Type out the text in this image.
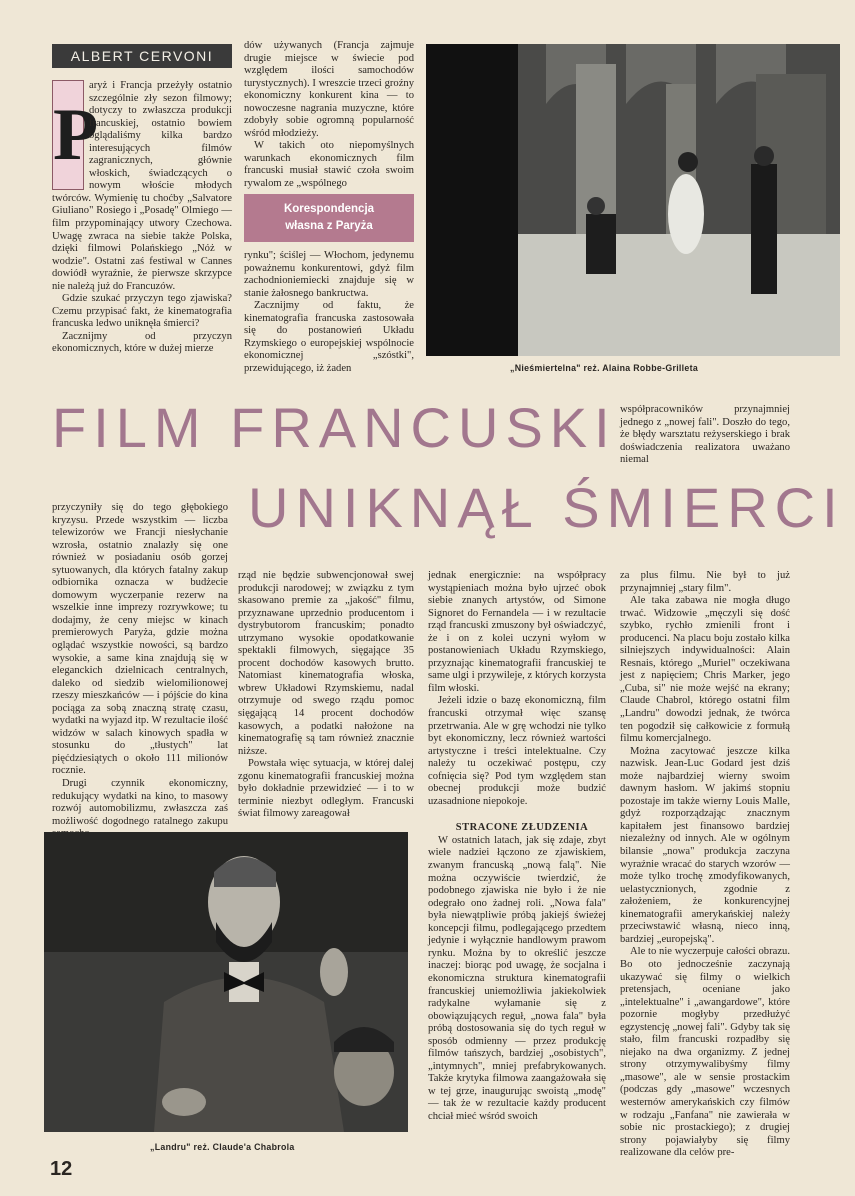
ALBERT CERVONI
P

aryż i Francja przeżyły ostatnio szczególnie zły sezon filmowy; dotyczy to zwłaszcza produkcji francuskiej, ostatnio bowiem oglądaliśmy kilka bardzo interesujących filmów zagranicznych, głównie włoskich, świadczących o nowym włoście młodych twórców. Wymienię tu choćby „Salvatore Giuliano" Rosiego i „Posadę" Olmiego — film przypominający utwory Czechowa. Uwagę zwraca na siebie także Polska, dzięki filmowi Polańskiego „Nóż w wodzie". Ostatni zaś festiwal w Cannes dowiódł wyraźnie, że pierwsze skrzypce nie należą już do Francuzów.

Gdzie szukać przyczyn tego zjawiska? Czemu przypisać fakt, że kinematografia francuska ledwo uniknęła śmierci?

Zacznijmy od przyczyn ekonomicznych, które w dużej mierze

dów używanych (Francja zajmuje drugie miejsce w świecie pod względem ilości samochodów turystycznych). I wreszcie trzeci groźny ekonomiczny konkurent kina — to nowoczesne nagrania muzyczne, które zdobyły sobie ogromną popularność wśród młodzieży.

W takich oto niepomyślnych warunkach ekonomicznych film francuski musiał stawić czoła swoim rywalom ze „wspólnego

Korespondencja
własna z Paryża

rynku"; ściślej — Włochom, jedynemu poważnemu konkurentowi, gdyż film zachodnioniemiecki znajduje się w stanie żałosnego bankructwa.

Zacznijmy od faktu, że kinematografia francuska zastosowała się do postanowień Układu Rzymskiego o europejskiej wspólnocie ekonomicznej „szóstki", przewidującego, iż żaden	„Nieśmiertelna" reż. Alaina Robbe-Grilleta
FILM FRANCUSKI
UNIKNĄŁ ŚMIERCI

współpracowników przynajmniej jednego z „nowej fali". Doszło do tego, że błędy warsztatu reżyserskiego i brak doświadczenia realizatora uważano niemal

przyczyniły się do tego głębokiego kryzysu. Przede wszystkim — liczba telewizorów we Francji niesłychanie wzrosła, ostatnio znalazły się one również w posiadaniu osób gorzej sytuowanych, dla których fatalny zakup odbiornika oznacza w budżecie domowym wyczerpanie rezerw na wszelkie inne imprezy rozrywkowe; tu dodajmy, że ceny miejsc w kinach premierowych Paryża, gdzie można oglądać wszystkie nowości, są bardzo wysokie, a same kina znajdują się w eleganckich dzielnicach centralnych, daleko od siedzib wielomilionowej rzeszy mieszkańców — i pójście do kina pociąga za sobą znaczną stratę czasu, wydatki na wyjazd itp. W rezultacie ilość widzów w salach kinowych spadła w stosunku do „tłustych" lat pięćdziesiątych o około 111 milionów rocznie.

Drugi czynnik ekonomiczny, redukujący wydatki na kino, to masowy rozwój automobilizmu, zwłaszcza zaś możliwość dogodnego ratalnego zakupu

rząd nie będzie subwencjonował swej produkcji narodowej; w związku z tym skasowano premie za „jakość" filmu, przyznawane uprzednio producentom i dystrybutorom francuskim; ponadto utrzymano wysokie opodatkowanie spektakli filmowych, sięgające 35 procent dochodów kasowych brutto. Natomiast kinematografia włoska, wbrew Układowi Rzymskiemu, nadal otrzymuje od swego rządu pomoc sięgającą 14 procent dochodów kasowych, a podatki nałożone na kinematografię są tam również znacznie niższe.

Powstała więc sytuacja, w której dalej zgonu kinematografii francuskiej można było dokładnie przewidzieć — i to w terminie niezbyt odległym. Francuski świat filmowy zareagował

jednak energicznie: na współpracy wystąpieniach można było ujrzeć obok siebie znanych artystów, od Simone Signoret do Fernandela — i w rezultacie rząd francuski zmuszony był oświadczyć, że i on z kolei uczyni wyłom w postanowieniach Układu Rzymskiego, przyznając kinematografii francuskiej te same ulgi i przywileje, z których korzysta film włoski.

Jeżeli idzie o bazę ekonomiczną, film francuski otrzymał więc szansę przetrwania. Ale w grę wchodzi nie tylko byt ekonomiczny, lecz również wartości artystyczne i treści intelektualne. Czy należy tu oczekiwać postępu, czy cofnięcia się? Pod tym względem stan obecnej produkcji może budzić uzasadnione niepokoje.

STRACONE ZŁUDZENIA

W ostatnich latach, jak się zdaje, zbyt wiele nadziei łączono ze zjawiskiem, zwanym francuską „nową falą". Nie można oczywiście twierdzić, że podobnego zjawiska nie było i że nie odegrało ono żadnej roli. „Nowa fala" była niewątpliwie próbą jakiejś świeżej koncepcji filmu, podlegającego przedtem jedynie i wyłącznie handlowym prawom rynku. Można by to określić jeszcze inaczej: biorąc pod uwagę, że socjalna i ekonomiczna struktura kinematografii francuskiej uniemożliwia jakiekolwiek radykalne wyłamanie się z obowiązujących reguł, „nowa fala" była próbą dostosowania się do tych reguł w sposób odmienny — przez produkcję filmów tańszych, bardziej „osobistych", „intymnych", mniej prefabrykowanych. Także krytyka filmowa zaangażowała się w tej grze, inaugurując swoistą „modę" — tak że w rezultacie każdy producent chciał mieć wśród swoich

za plus filmu. Nie był to już przynajmniej „stary film".

Ale taka zabawa nie mogła długo trwać. Widzowie „męczyli się dość szybko, rychło zmienili front i producenci. Na placu boju zostało kilka silniejszych indywidualności: Alain Resnais, którego „Muriel" oczekiwana jest z napięciem; Chris Marker, jego „Cuba, si" nie może wejść na ekrany; Claude Chabrol, którego ostatni film „Landru" dowodzi jednak, że twórca ten pogodził się całkowicie z formułą filmu komercjalnego.

Można zacytować jeszcze kilka nazwisk. Jean-Luc Godard jest dziś może najbardziej wierny swoim dawnym hasłom. W jakimś stopniu pozostaje im także wierny Louis Malle, gdyż rozporządzając znacznym kapitałem jest finansowo bardziej niezależny od innych. Ale w ogólnym bilansie „nowa" produkcja zaczyna wyraźnie wracać do starych wzorów — może tylko trochę zmodyfikowanych, uelastycznionych, zgodnie z założeniem, że konkurencyjnej kinematografii amerykańskiej należy przeciwstawić własną, nieco inną, bardziej „europejską".

Ale to nie wyczerpuje całości obrazu. Bo oto jednocześnie zaczynają ukazywać się filmy o wielkich pretensjach, oceniane jako „intelektualne" i „awangardowe", które pozornie mogłyby przedłużyć egzystencję „nowej fali". Gdyby tak się stało, film francuski rozpadłby się niejako na dwa organizmy. Z jednej strony otrzymywalibyśmy filmy „masowe", ale w sensie prostackim (podczas gdy „masowe" wczesnych westernów amerykańskich czy filmów w rodzaju „Fanfana" nie zawierała w sobie nic prostackiego); z drugiej strony pojawiałyby się filmy realizowane dla celów pre-

„Landru" reż. Claude'a Chabrola
12
